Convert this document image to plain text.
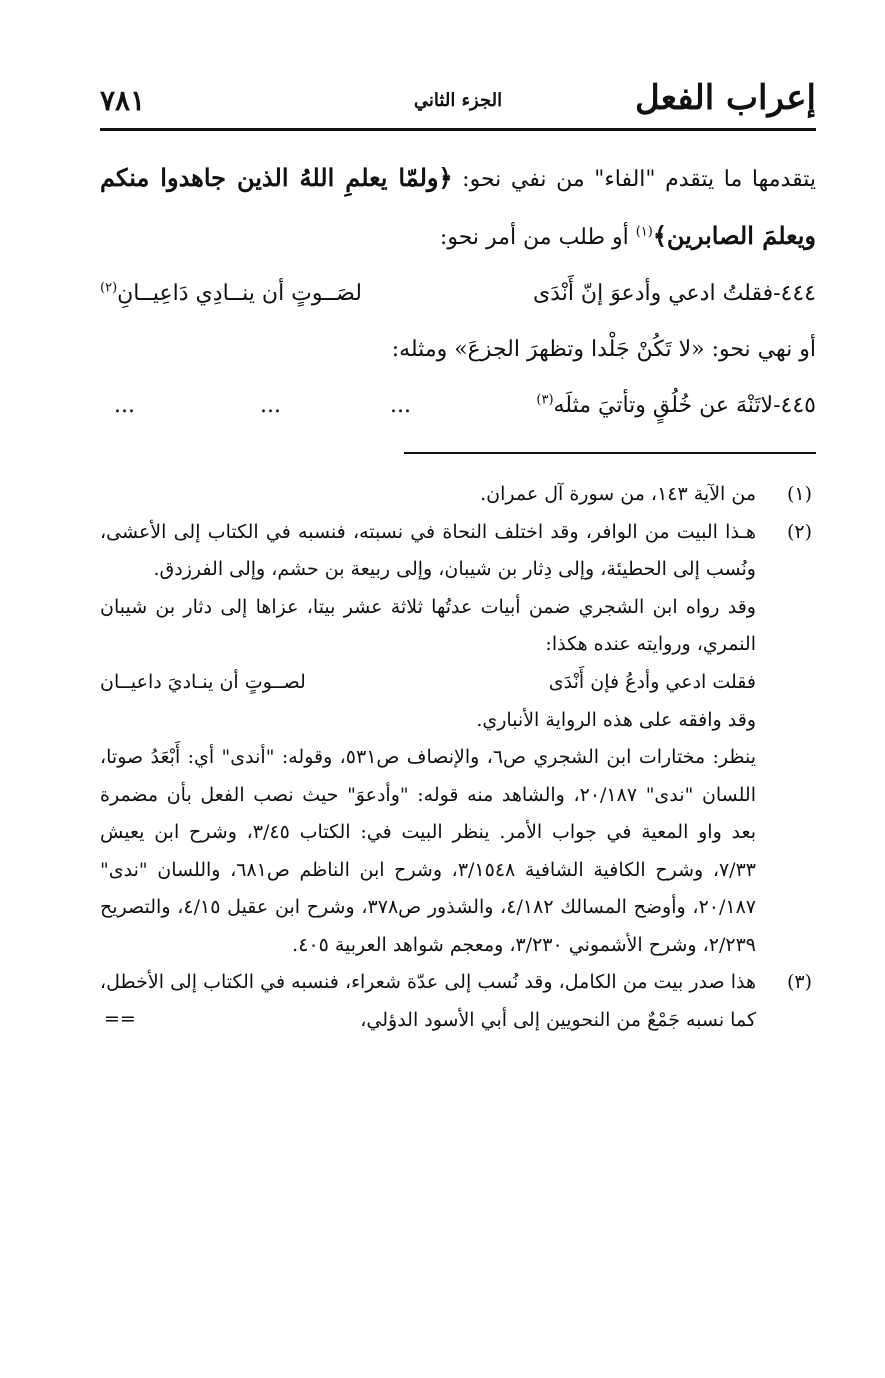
إعراب الفعل
الجزء الثاني
٧٨١

يتقدمها ما يتقدم "الفاء" من نفي نحو: ﴿ولمّا يعلمِ اللهُ الذين جاهدوا منكم ويعلمَ الصابرين﴾$^{(١)}$ أو طلب من أمر نحو:

٤٤٤-فقلتُ ادعي وأدعوَ إنّ أَنْدَى
لصَــوتٍ أن ينــادِي دَاعِيــانِ$^{(٢)}$

أو نهي نحو: «لا تَكُنْ جَلْدا وتظهرَ الجزعَ» ومثله:

٤٤٥-لاتَنْهَ عن خُلُقٍ وتأتيَ مثلَه$^{(٣)}$
...
...
...
(١)

من الآية ١٤٣، من سورة آل عمران.

(٢)

هـذا البيت من الوافر، وقد اختلف النحاة في نسبته، فنسبه في الكتاب إلى الأعشى، ونُسب إلى الحطيئة، وإلى دِثار بن شيبان، وإلى ربيعة بن حشم، وإلى الفرزدق.

وقد رواه ابن الشجري ضمن أبيات عدتُها ثلاثة عشر بيتا، عزاها إلى دثار بن شيبان النمري، وروايته عنده هكذا:

فقلت ادعي وأدعُ فإن أَنْدَى
لصــوتٍ أن ينـاديَ داعيــان

وقد وافقه على هذه الرواية الأنباري.

ينظر: مختارات ابن الشجري ص٦، والإنصاف ص٥٣١، وقوله: "أندى" أي: أَبْعَدُ صوتا، اللسان "ندى" ٢٠/١٨٧، والشاهد منه قوله: "وأدعوَ" حيث نصب الفعل بأن مضمرة بعد واو المعية في جواب الأمر. ينظر البيت في: الكتاب ٣/٤٥، وشرح ابن يعيش ٧/٣٣، وشرح الكافية الشافية ٣/١٥٤٨، وشرح ابن الناظم ص٦٨١، واللسان "ندى" ٢٠/١٨٧، وأوضح المسالك ٤/١٨٢، والشذور ص٣٧٨، وشرح ابن عقيل ٤/١٥، والتصريح ٢/٢٣٩، وشرح الأشموني ٣/٢٣٠، ومعجم شواهد العربية ٤٠٥.

(٣)

هذا صدر بيت من الكامل، وقد نُسب إلى عدّة شعراء، فنسبه في الكتاب إلى الأخطل، كما نسبه جَمْعٌ من النحويين إلى أبي الأسود الدؤلي،

==
